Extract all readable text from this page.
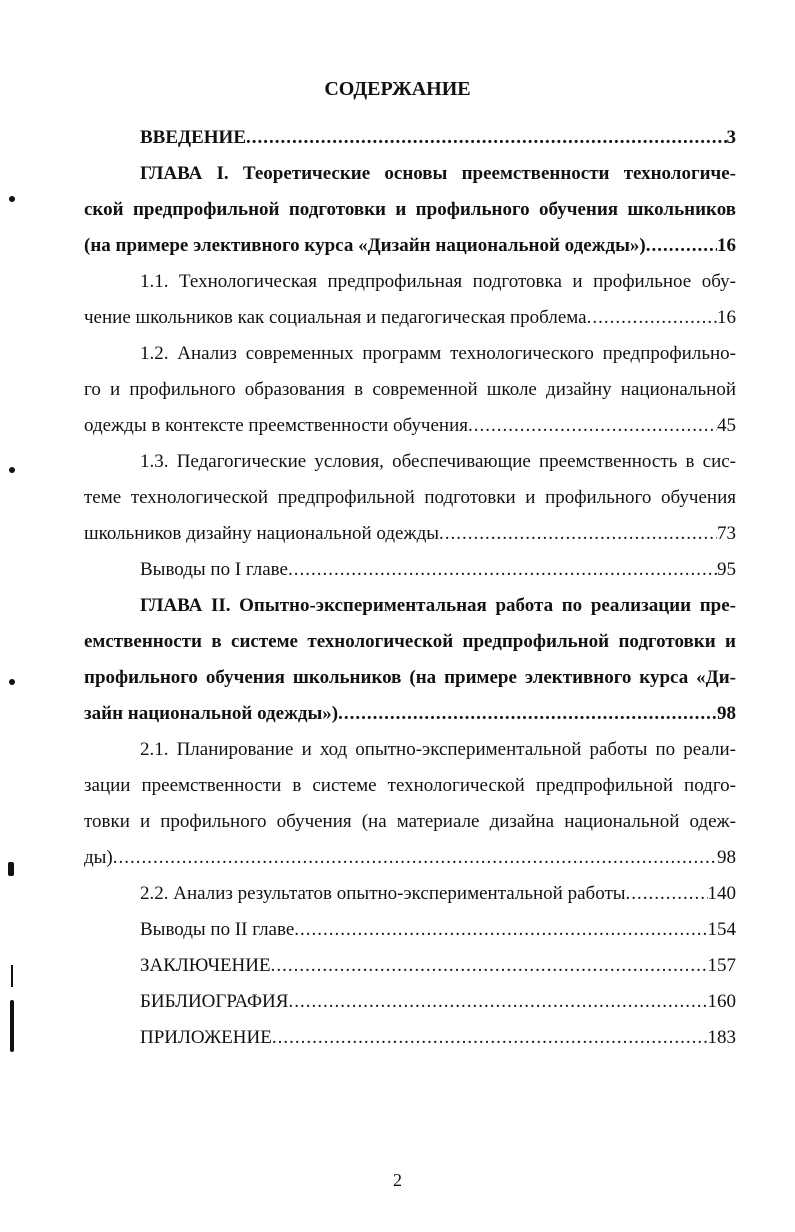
СОДЕРЖАНИЕ
ВВЕДЕНИЕ .....	3
ГЛАВА I. Теоретические основы преемственности технологиче-
ской предпрофильной подготовки и профильного обучения школьников
(на примере элективного курса «Дизайн национальной одежды») .....	16
1.1. Технологическая предпрофильная подготовка и профильное обу-
чение школьников как социальная и педагогическая проблема .....	16
1.2. Анализ современных программ технологического предпрофильно-
го и профильного образования в современной школе дизайну национальной
одежды в контексте преемственности обучения .....	45
1.3. Педагогические условия, обеспечивающие преемственность в сис-
теме технологической предпрофильной подготовки и профильного обучения
школьников дизайну национальной одежды .....	73
Выводы по I главе .....	95
ГЛАВА II. Опытно-экспериментальная работа по реализации пре-
емственности в системе технологической предпрофильной подготовки и
профильного обучения школьников (на примере элективного курса «Ди-
зайн национальной одежды») .....	98
2.1. Планирование и ход опытно-экспериментальной работы по реали-
зации преемственности в системе технологической предпрофильной подго-
товки и профильного обучения (на материале дизайна национальной одеж-
ды) .....	98
2.2. Анализ результатов опытно-экспериментальной работы .....	140
Выводы по II главе .....	154
ЗАКЛЮЧЕНИЕ .....	157
БИБЛИОГРАФИЯ .....	160
ПРИЛОЖЕНИЕ .....	183
2
